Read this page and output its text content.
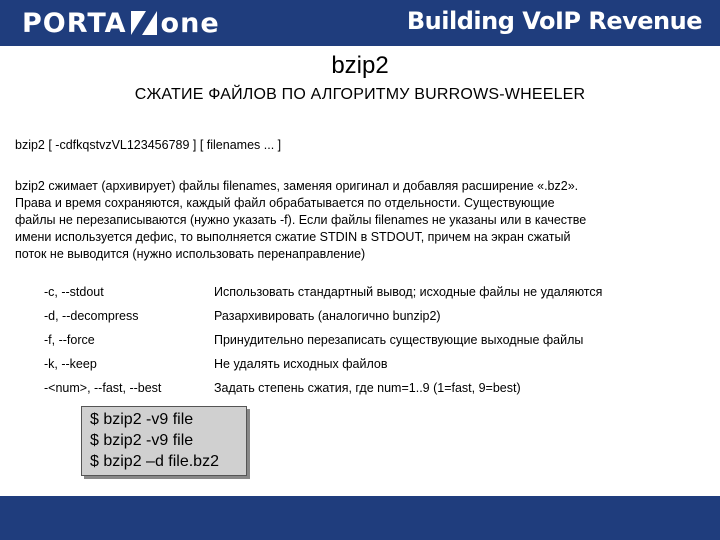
PORTA one	Building VoIP Revenue
bzip2
СЖАТИЕ ФАЙЛОВ ПО АЛГОРИТМУ BURROWS-WHEELER
bzip2 [ -cdfkqstvzVL123456789 ] [ filenames ... ]
bzip2 сжимает (архивирует) файлы filenames, заменяя оригинал и добавляя расширение «.bz2».
Права и время сохраняются, каждый файл обрабатывается по отдельности. Существующие
файлы не перезаписываются (нужно указать -f). Если файлы filenames не указаны или в качестве
имени используется дефис, то выполняется сжатие STDIN в STDOUT, причем на экран сжатый
поток не выводится (нужно использовать перенаправление)
-c, --stdout	Использовать стандартный вывод; исходные файлы не удаляются
-d, --decompress	Разархивировать (аналогично bunzip2)
-f, --force	Принудительно перезаписать существующие выходные файлы
-k, --keep	Не удалять исходных файлов
-<num>, --fast, --best	Задать степень сжатия, где num=1..9 (1=fast, 9=best)
$ bzip2 -v9 file
$ bzip2 -v9 file
$ bzip2 –d file.bz2
